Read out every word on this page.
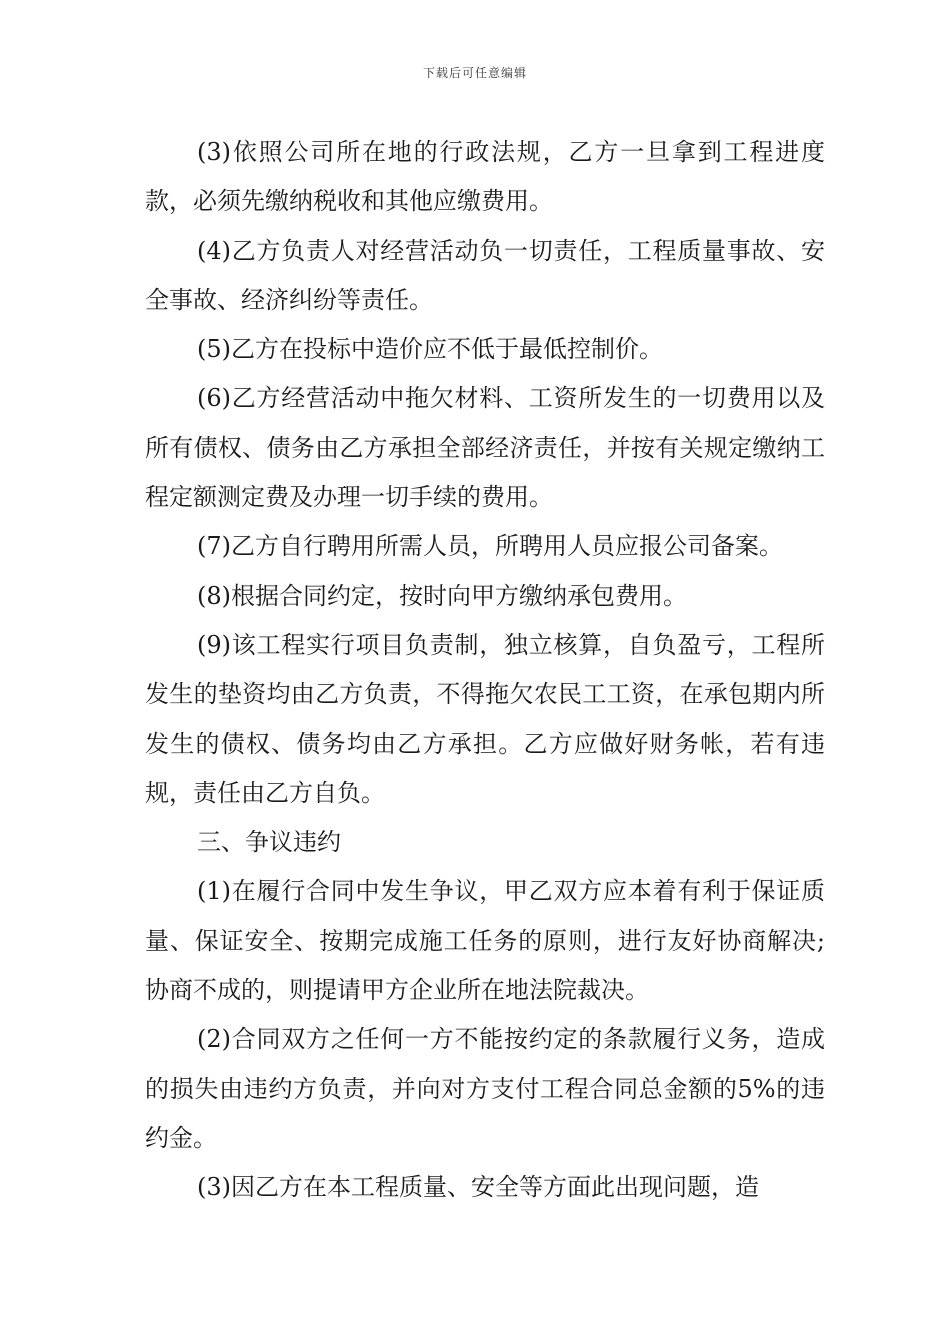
下载后可任意编辑

(3)依照公司所在地的行政法规，乙方一旦拿到工程进度款，必须先缴纳税收和其他应缴费用。

(4)乙方负责人对经营活动负一切责任，工程质量事故、安全事故、经济纠纷等责任。

(5)乙方在投标中造价应不低于最低控制价。

(6)乙方经营活动中拖欠材料、工资所发生的一切费用以及所有债权、债务由乙方承担全部经济责任，并按有关规定缴纳工程定额测定费及办理一切手续的费用。

(7)乙方自行聘用所需人员，所聘用人员应报公司备案。

(8)根据合同约定，按时向甲方缴纳承包费用。

(9)该工程实行项目负责制，独立核算，自负盈亏，工程所发生的垫资均由乙方负责，不得拖欠农民工工资，在承包期内所发生的债权、债务均由乙方承担。乙方应做好财务帐，若有违规，责任由乙方自负。

三、争议违约

(1)在履行合同中发生争议，甲乙双方应本着有利于保证质量、保证安全、按期完成施工任务的原则，进行友好协商解决;协商不成的，则提请甲方企业所在地法院裁决。

(2)合同双方之任何一方不能按约定的条款履行义务，造成的损失由违约方负责，并向对方支付工程合同总金额的5%的违约金。

(3)因乙方在本工程质量、安全等方面此出现问题，造
